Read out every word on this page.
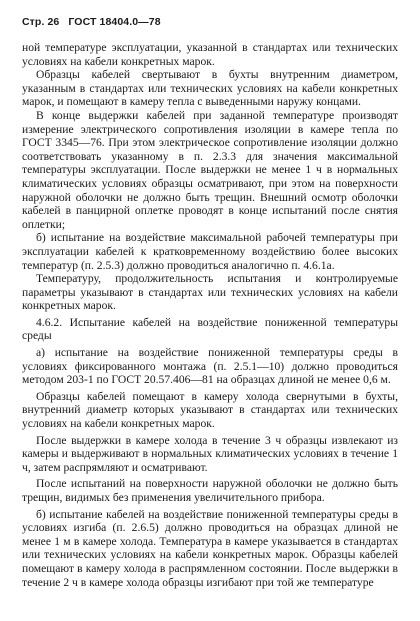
Стр. 26 ГОСТ 18404.0—78

ной температуре эксплуатации, указанной в стандартах или технических условиях на кабели конкретных марок.

Образцы кабелей свертывают в бухты внутренним диаметром, указанным в стандартах или технических условиях на кабели конкретных марок, и помещают в камеру тепла с выведенными наружу концами.

В конце выдержки кабелей при заданной температуре производят измерение электрического сопротивления изоляции в камере тепла по ГОСТ 3345—76. При этом электрическое сопротивление изоляции должно соответствовать указанному в п. 2.3.3 для значения максимальной температуры эксплуатации. После выдержки не менее 1 ч в нормальных климатических условиях образцы осматривают, при этом на поверхности наружной оболочки не должно быть трещин. Внешний осмотр оболочки кабелей в панцирной оплетке проводят в конце испытаний после снятия оплетки;

б) испытание на воздействие максимальной рабочей температуры при эксплуатации кабелей к кратковременному воздействию более высоких температур (п. 2.5.3) должно проводиться аналогично п. 4.6.1а.

Температуру, продолжительность испытания и контролируемые параметры указывают в стандартах или технических условиях на кабели конкретных марок.

4.6.2. Испытание кабелей на воздействие пониженной температуры среды

а) испытание на воздействие пониженной температуры среды в условиях фиксированного монтажа (п. 2.5.1—10) должно проводиться методом 203-1 по ГОСТ 20.57.406—81 на образцах длиной не менее 0,6 м.

Образцы кабелей помещают в камеру холода свернутыми в бухты, внутренний диаметр которых указывают в стандартах или технических условиях на кабели конкретных марок.

После выдержки в камере холода в течение 3 ч образцы извлекают из камеры и выдерживают в нормальных климатических условиях в течение 1 ч, затем распрямляют и осматривают.

После испытаний на поверхности наружной оболочки не должно быть трещин, видимых без применения увеличительного прибора.

б) испытание кабелей на воздействие пониженной температуры среды в условиях изгиба (п. 2.6.5) должно проводиться на образцах длиной не менее 1 м в камере холода. Температура в камере указывается в стандартах или технических условиях на кабели конкретных марок. Образцы кабелей помещают в камеру холода в распрямленном состоянии. После выдержки в течение 2 ч в камере холода образцы изгибают при той же температуре
